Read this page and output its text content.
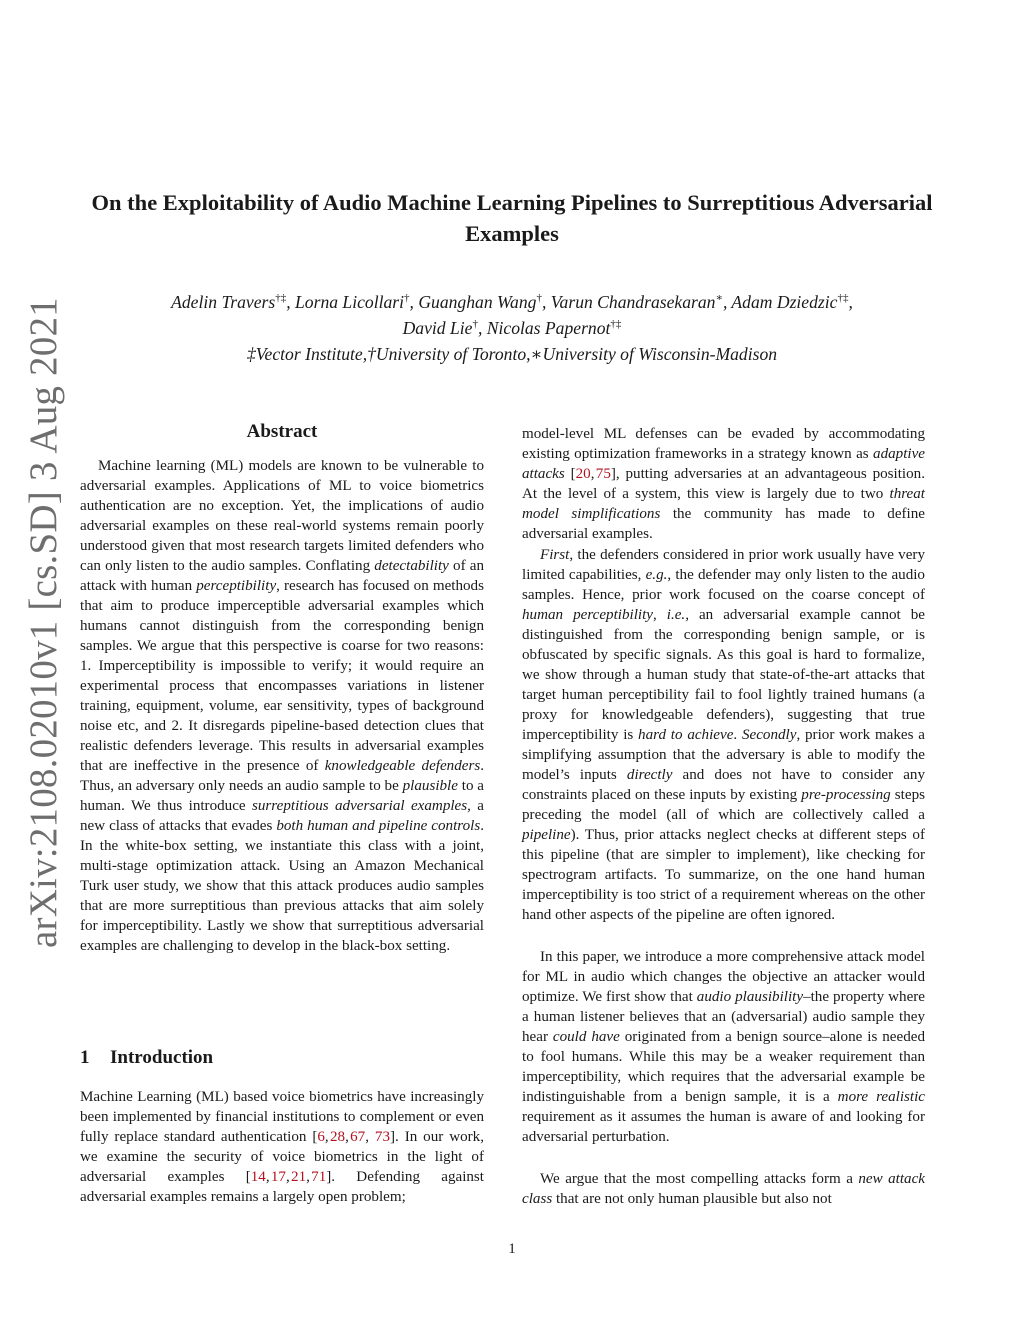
arXiv:2108.02010v1 [cs.SD] 3 Aug 2021
On the Exploitability of Audio Machine Learning Pipelines to Surreptitious Adversarial Examples
Adelin Travers†‡, Lorna Licollari†, Guanghan Wang†, Varun Chandrasekaran∗, Adam Dziedzic†‡,
David Lie†, Nicolas Papernot†‡
‡Vector Institute,†University of Toronto,∗University of Wisconsin-Madison
Abstract

Machine learning (ML) models are known to be vulnerable to adversarial examples. Applications of ML to voice biometrics authentication are no exception. Yet, the implications of audio adversarial examples on these real-world systems remain poorly understood given that most research targets limited defenders who can only listen to the audio samples. Conflating detectability of an attack with human perceptibility, research has focused on methods that aim to produce imperceptible adversarial examples which humans cannot distinguish from the corresponding benign samples. We argue that this perspective is coarse for two reasons: 1. Imperceptibility is impossible to verify; it would require an experimental process that encompasses variations in listener training, equipment, volume, ear sensitivity, types of background noise etc, and 2. It disregards pipeline-based detection clues that realistic defenders leverage. This results in adversarial examples that are ineffective in the presence of knowledgeable defenders. Thus, an adversary only needs an audio sample to be plausible to a human. We thus introduce surreptitious adversarial examples, a new class of attacks that evades both human and pipeline controls. In the white-box setting, we instantiate this class with a joint, multi-stage optimization attack. Using an Amazon Mechanical Turk user study, we show that this attack produces audio samples that are more surreptitious than previous attacks that aim solely for imperceptibility. Lastly we show that surreptitious adversarial examples are challenging to develop in the black-box setting.

1 Introduction

Machine Learning (ML) based voice biometrics have increasingly been implemented by financial institutions to complement or even fully replace standard authentication [6, 28, 67, 73]. In our work, we examine the security of voice biometrics in the light of adversarial examples [14, 17, 21, 71]. Defending against adversarial examples remains a largely open problem;

model-level ML defenses can be evaded by accommodating existing optimization frameworks in a strategy known as adaptive attacks [20, 75], putting adversaries at an advantageous position. At the level of a system, this view is largely due to two threat model simplifications the community has made to define adversarial examples.

First, the defenders considered in prior work usually have very limited capabilities, e.g., the defender may only listen to the audio samples. Hence, prior work focused on the coarse concept of human perceptibility, i.e., an adversarial example cannot be distinguished from the corresponding benign sample, or is obfuscated by specific signals. As this goal is hard to formalize, we show through a human study that state-of-the-art attacks that target human perceptibility fail to fool lightly trained humans (a proxy for knowledgeable defenders), suggesting that true imperceptibility is hard to achieve. Secondly, prior work makes a simplifying assumption that the adversary is able to modify the model’s inputs directly and does not have to consider any constraints placed on these inputs by existing pre-processing steps preceding the model (all of which are collectively called a pipeline). Thus, prior attacks neglect checks at different steps of this pipeline (that are simpler to implement), like checking for spectrogram artifacts. To summarize, on the one hand human imperceptibility is too strict of a requirement whereas on the other hand other aspects of the pipeline are often ignored.

In this paper, we introduce a more comprehensive attack model for ML in audio which changes the objective an attacker would optimize. We first show that audio plausibility–the property where a human listener believes that an (adversarial) audio sample they hear could have originated from a benign source–alone is needed to fool humans. While this may be a weaker requirement than imperceptibility, which requires that the adversarial example be indistinguishable from a benign sample, it is a more realistic requirement as it assumes the human is aware of and looking for adversarial perturbation.

We argue that the most compelling attacks form a new attack class that are not only human plausible but also not

1
